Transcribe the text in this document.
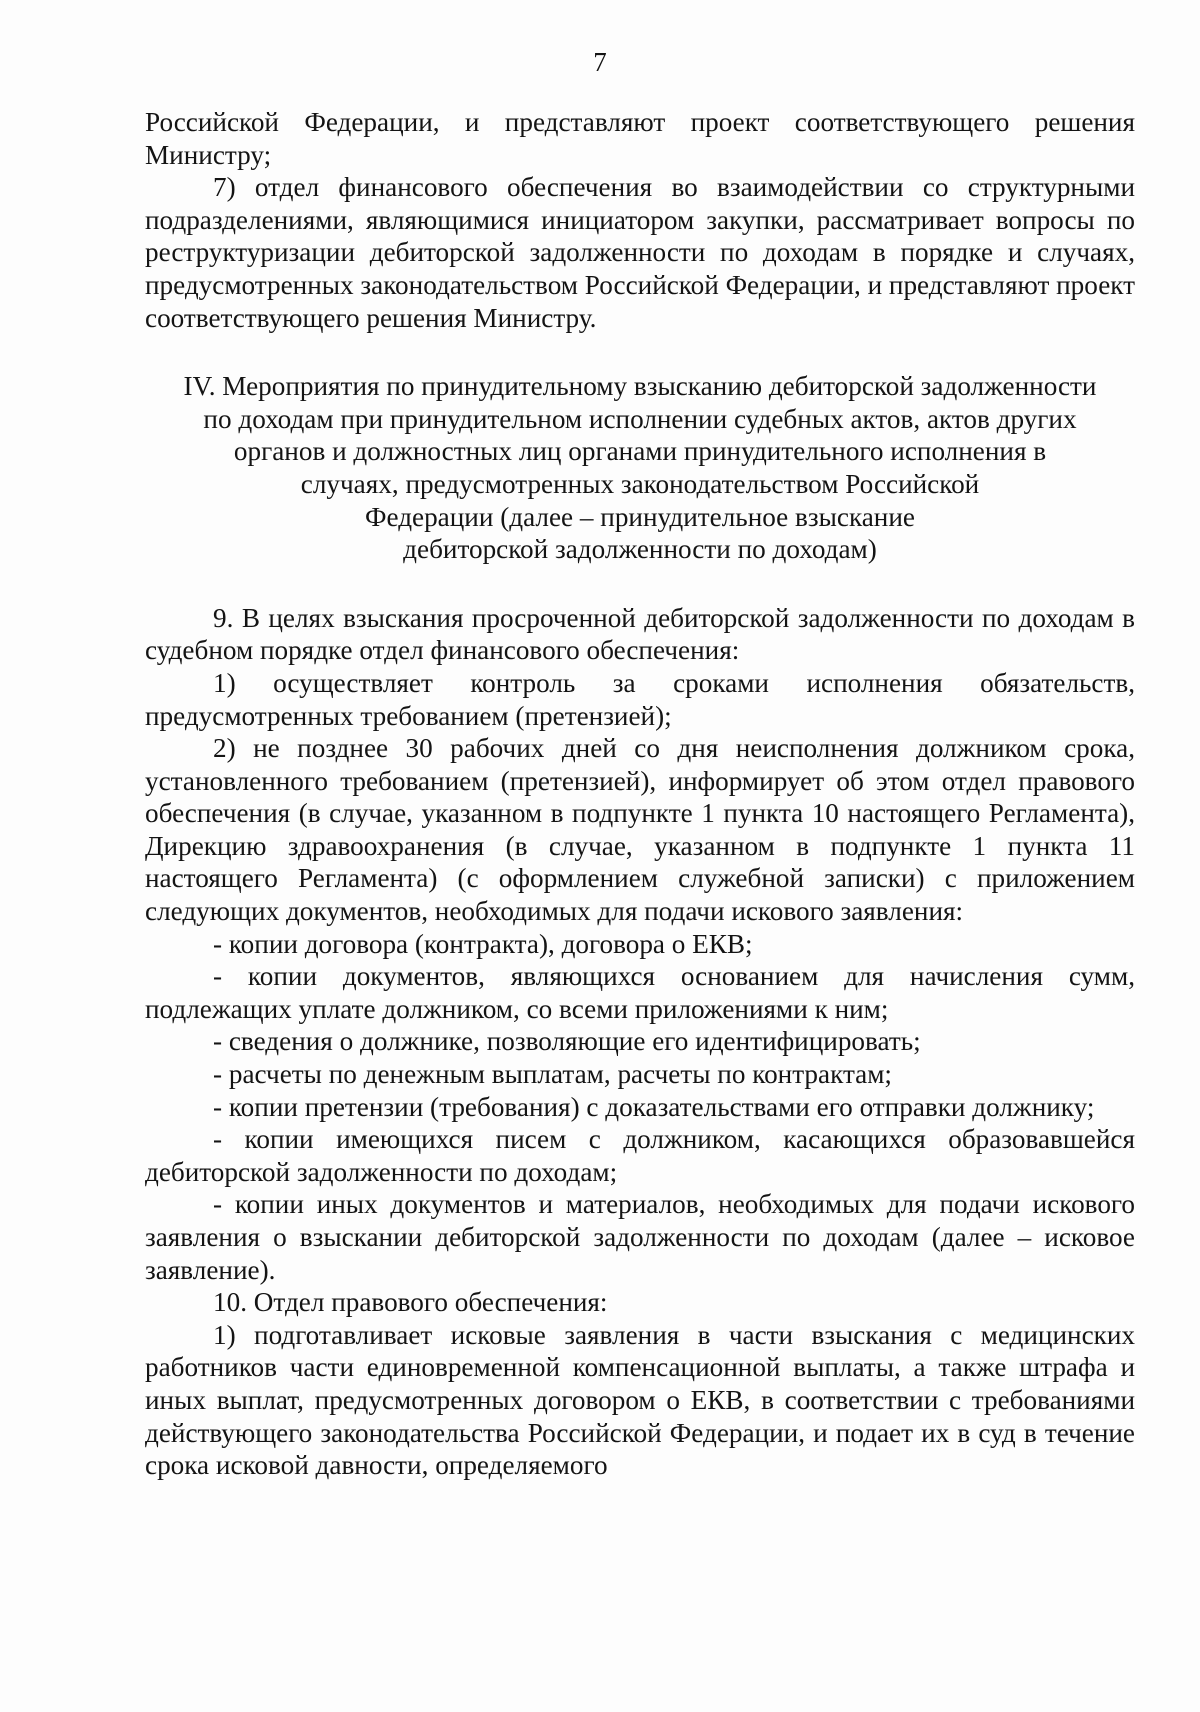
7

Российской Федерации, и представляют проект соответствующего решения Министру;

7) отдел финансового обеспечения во взаимодействии со структурными подразделениями, являющимися инициатором закупки, рассматривает вопросы по реструктуризации дебиторской задолженности по доходам в порядке и случаях, предусмотренных законодательством Российской Федерации, и представляют проект соответствующего решения Министру.

IV. Мероприятия по принудительному взысканию дебиторской задолженности
по доходам при принудительном исполнении судебных актов, актов других
органов и должностных лиц органами принудительного исполнения в
случаях, предусмотренных законодательством Российской
Федерации (далее – принудительное взыскание
дебиторской задолженности по доходам)

9. В целях взыскания просроченной дебиторской задолженности по доходам в судебном порядке отдел финансового обеспечения:

1) осуществляет контроль за сроками исполнения обязательств, предусмотренных требованием (претензией);

2) не позднее 30 рабочих дней со дня неисполнения должником срока, установленного требованием (претензией), информирует об этом отдел правового обеспечения (в случае, указанном в подпункте 1 пункта 10 настоящего Регламента), Дирекцию здравоохранения (в случае, указанном в подпункте 1 пункта 11 настоящего Регламента) (с оформлением служебной записки) с приложением следующих документов, необходимых для подачи искового заявления:

- копии договора (контракта), договора о ЕКВ;

- копии документов, являющихся основанием для начисления сумм, подлежащих уплате должником, со всеми приложениями к ним;

- сведения о должнике, позволяющие его идентифицировать;

- расчеты по денежным выплатам, расчеты по контрактам;

- копии претензии (требования) с доказательствами его отправки должнику;

- копии имеющихся писем с должником, касающихся образовавшейся дебиторской задолженности по доходам;

- копии иных документов и материалов, необходимых для подачи искового заявления о взыскании дебиторской задолженности по доходам (далее – исковое заявление).

10. Отдел правового обеспечения:

1) подготавливает исковые заявления в части взыскания с медицинских работников части единовременной компенсационной выплаты, а также штрафа и иных выплат, предусмотренных договором о ЕКВ, в соответствии с требованиями действующего законодательства Российской Федерации, и подает их в суд в течение срока исковой давности, определяемого
